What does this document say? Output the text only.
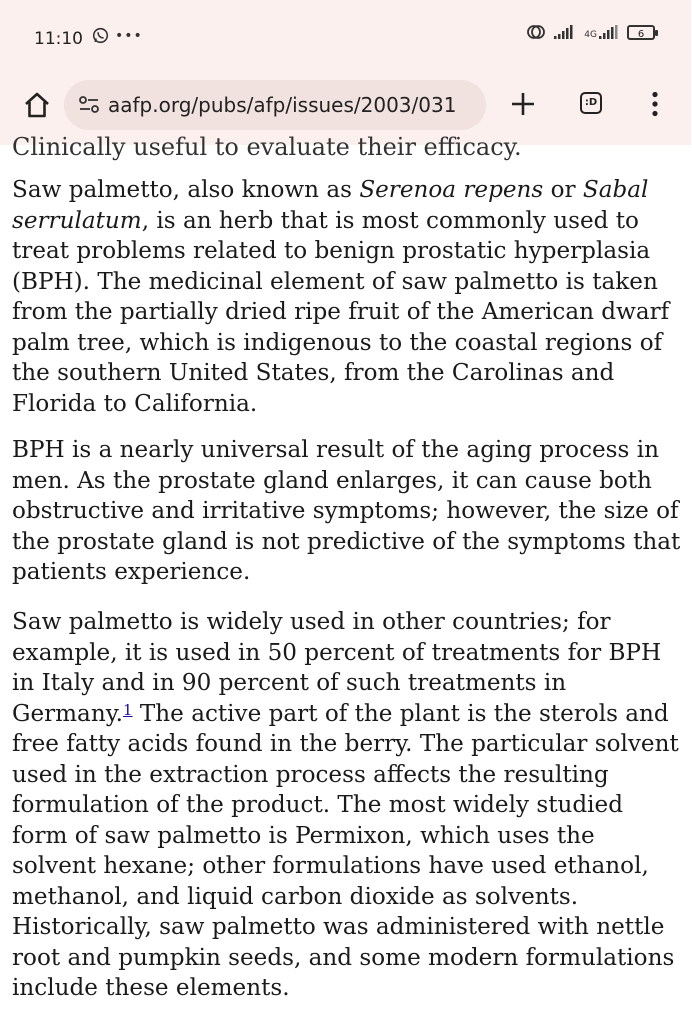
11:10 •••	4G	6
aafp.org/pubs/afp/issues/2003/031	:D
Clinically useful to evaluate their efficacy.

Saw palmetto, also known as Serenoa repens or Sabal serrulatum, is an herb that is most commonly used to treat problems related to benign prostatic hyperplasia (BPH). The medicinal element of saw palmetto is taken from the partially dried ripe fruit of the American dwarf palm tree, which is indigenous to the coastal regions of the southern United States, from the Carolinas and Florida to California.

BPH is a nearly universal result of the aging process in men. As the prostate gland enlarges, it can cause both obstructive and irritative symptoms; however, the size of the prostate gland is not predictive of the symptoms that patients experience.

Saw palmetto is widely used in other countries; for example, it is used in 50 percent of treatments for BPH in Italy and in 90 percent of such treatments in Germany.$^1$ The active part of the plant is the sterols and free fatty acids found in the berry. The particular solvent used in the extraction process affects the resulting formulation of the product. The most widely studied form of saw palmetto is Permixon, which uses the solvent hexane; other formulations have used ethanol, methanol, and liquid carbon dioxide as solvents. Historically, saw palmetto was administered with nettle root and pumpkin seeds, and some modern formulations include these elements.
